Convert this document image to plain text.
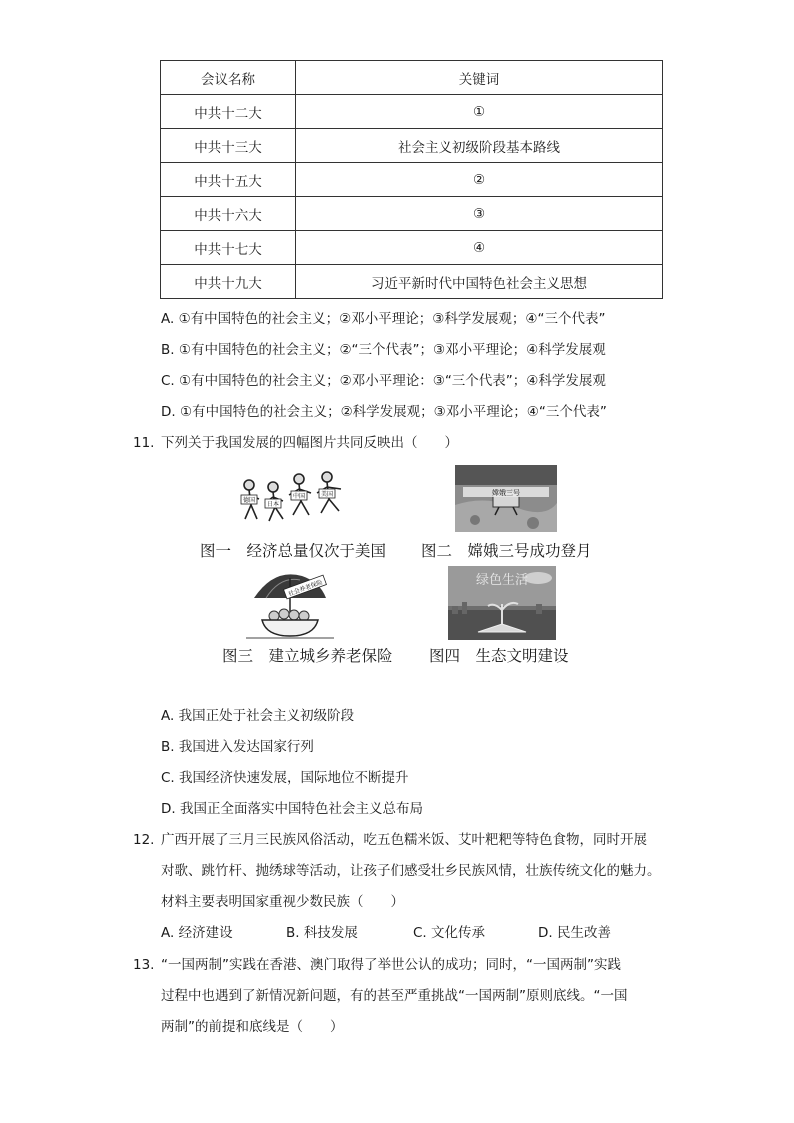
会议名称	关键词
中共十二大	①
中共十三大	社会主义初级阶段基本路线
中共十五大	②
中共十六大	③
中共十七大	④
中共十九大	习近平新时代中国特色社会主义思想
A. ①有中国特色的社会主义；②邓小平理论；③科学发展观；④“三个代表”
B. ①有中国特色的社会主义；②“三个代表”；③邓小平理论；④科学发展观
C. ①有中国特色的社会主义；②邓小平理论：③“三个代表”；④科学发展观
D. ①有中国特色的社会主义；②科学发展观；③邓小平理论；④“三个代表”
11. 下列关于我国发展的四幅图片共同反映出（　　）
德国
日本
中国	美国	嫦娥三号
图一　经济总量仅次于美国 图二　嫦娥三号成功登月
社会养老保险	绿色生活
图三　建立城乡养老保险 图四　生态文明建设
A. 我国正处于社会主义初级阶段
B. 我国进入发达国家行列
C. 我国经济快速发展，国际地位不断提升
D. 我国正全面落实中国特色社会主义总布局
12. 广西开展了三月三民族风俗活动，吃五色糯米饭、艾叶粑粑等特色食物，同时开展
对歌、跳竹杆、抛绣球等活动，让孩子们感受壮乡民族风情，壮族传统文化的魅力。
材料主要表明国家重视少数民族（　　）
A. 经济建设	B. 科技发展	C. 文化传承	D. 民生改善
13. “一国两制”实践在香港、澳门取得了举世公认的成功；同时，“一国两制”实践
过程中也遇到了新情况新问题，有的甚至严重挑战“一国两制”原则底线。“一国
两制”的前提和底线是（　　）
